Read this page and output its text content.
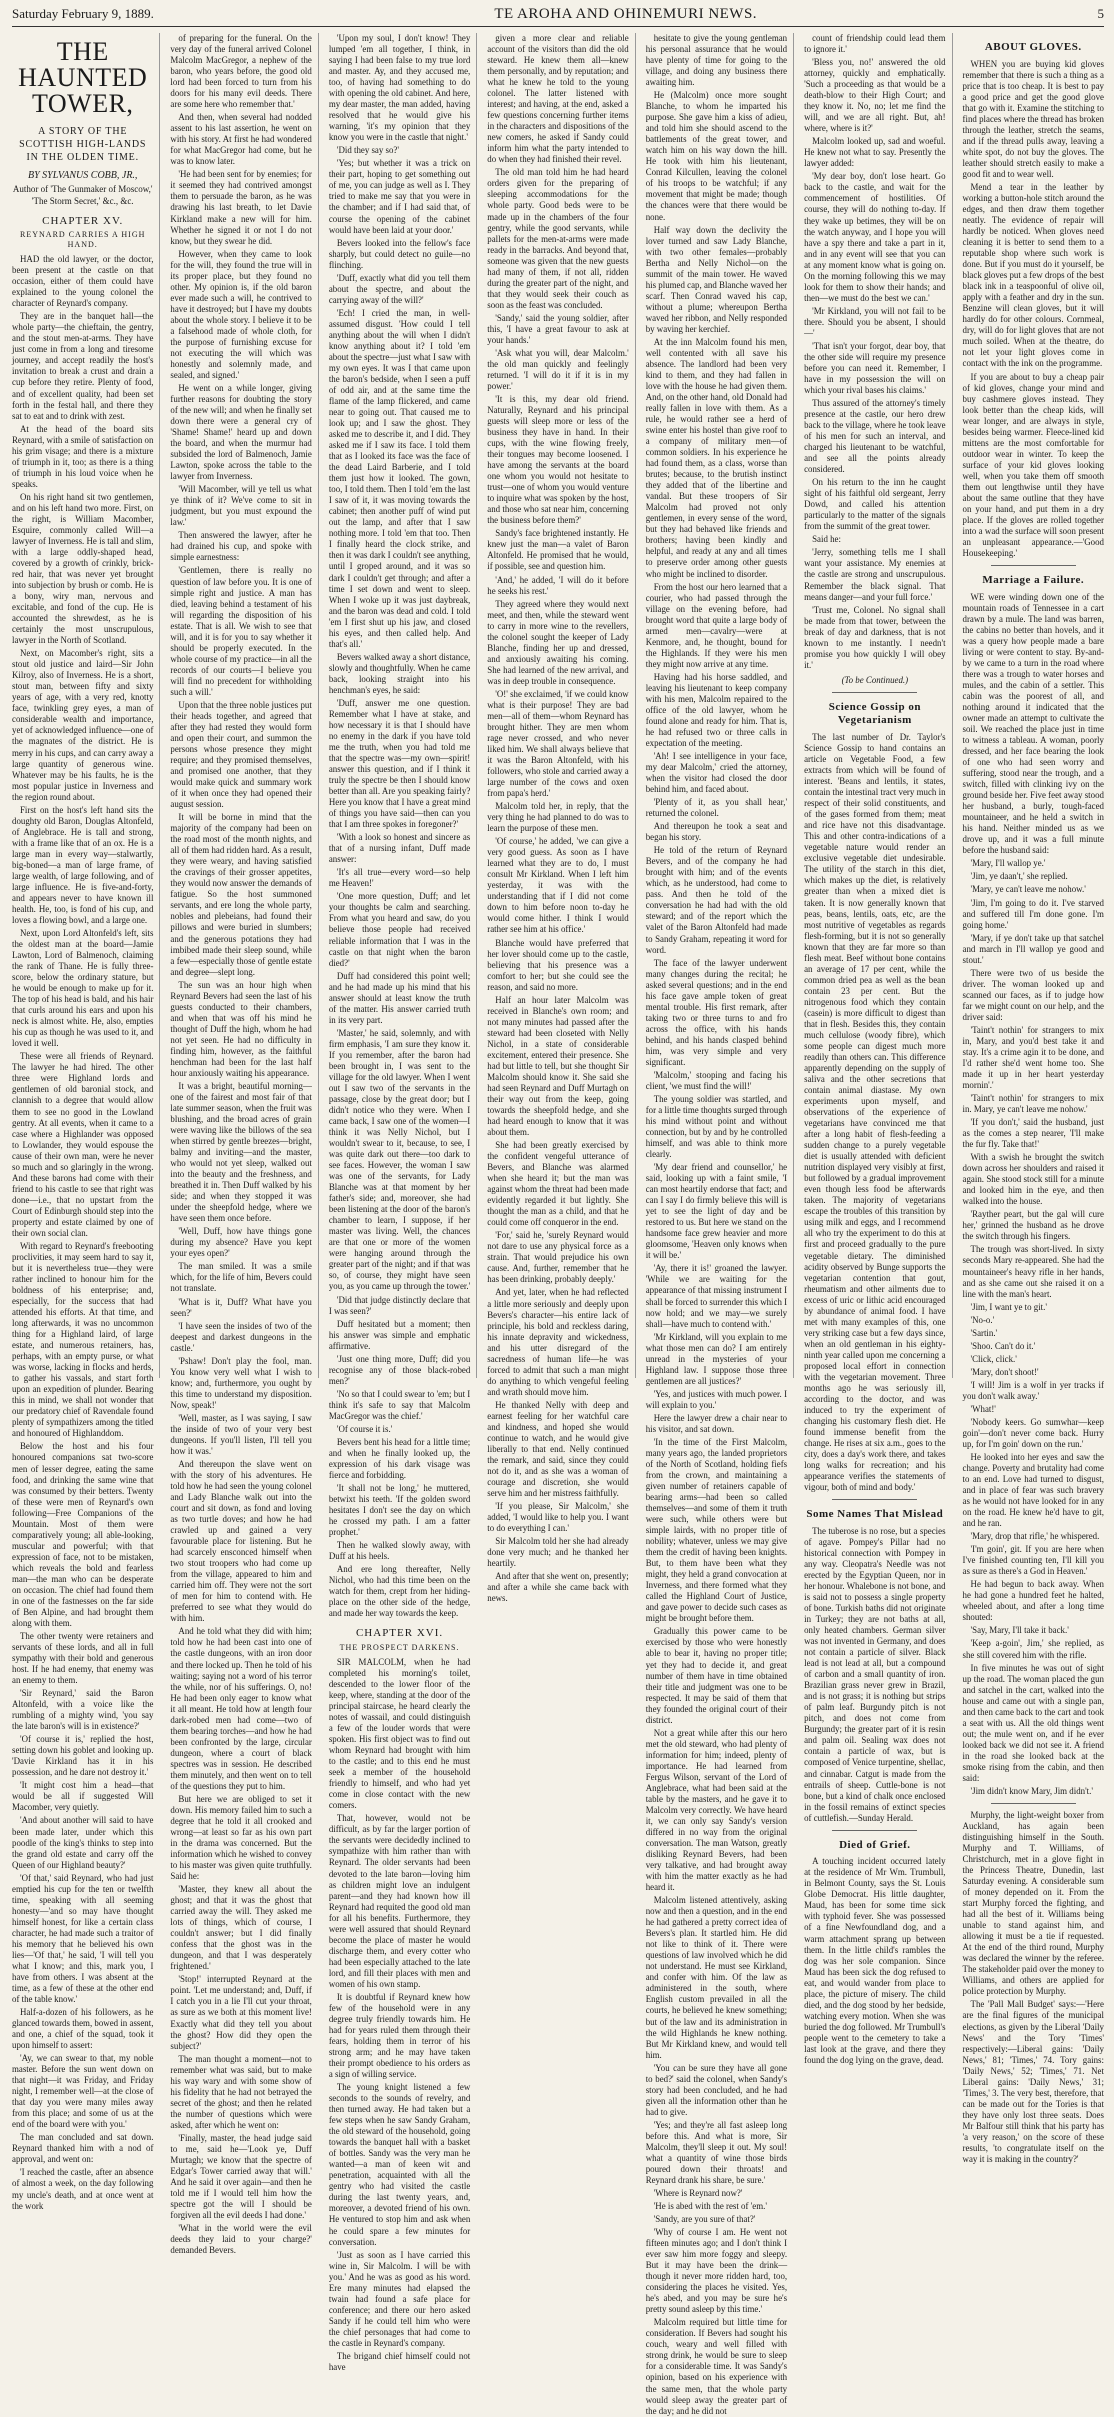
Saturday February 9, 1889.	TE AROHA AND OHINEMURI NEWS.	5
THE HAUNTED TOWER,
A STORY OF THE SCOTTISH HIGH-LANDS IN THE OLDEN TIME.
BY SYLVANUS COBB, JR.,
Author of 'The Gunmaker of Moscow,' 'The Storm Secret,' &c., &c.
CHAPTER XV.
REYNARD CARRIES A HIGH HAND.

HAD the old lawyer, or the doctor, been present at the castle on that occasion, either of them could have explained to the young colonel the character of Reynard's company.

They are in the banquet hall—the whole party—the chieftain, the gentry, and the stout men-at-arms. They have just come in from a long and tiresome journey, and accept readily the host's invitation to break a crust and drain a cup before they retire. Plenty of food, and of excellent quality, had been set forth in the festal hall, and there they sat to eat and to drink with zest.

At the head of the board sits Reynard, with a smile of satisfaction on his grim visage; and there is a mixture of triumph in it, too; as there is a thing of triumph in his loud voice when he speaks.

On his right hand sit two gentlemen, and on his left hand two more. First, on the right, is William Macomber, Esquire, commonly called Will—a lawyer of Inverness. He is tall and slim, with a large oddly-shaped head, covered by a growth of crinkly, brick-red hair, that was never yet brought into subjection by brush or comb. He is a bony, wiry man, nervous and excitable, and fond of the cup. He is accounted the shrewdest, as he is certainly the most unscrupulous, lawyer in the North of Scotland.

Next, on Macomber's right, sits a stout old justice and laird—Sir John Kilroy, also of Inverness. He is a short, stout man, between fifty and sixty years of age, with a very red, knotty face, twinkling grey eyes, a man of considerable wealth and importance, yet of acknowledged influence—one of the magnates of the district. He is merry in his cups, and can carry away a large quantity of generous wine. Whatever may be his faults, he is the most popular justice in Inverness and the region round about.

First on the host's left hand sits the doughty old Baron, Douglas Altonfeld, of Anglebrace. He is tall and strong, with a frame like that of an ox. He is a large man in every way—stalwartly, big-boned—a man of large frame, of large wealth, of large following, and of large influence. He is five-and-forty, and appears never to have known ill health. He, too, is fond of his cup, and loves a flowing bowl, and a large one.

Next, upon Lord Altonfeld's left, sits the oldest man at the board—Jamie Lawton, Lord of Balmenoch, claiming the rank of Thane. He is fully three-score, below the ordinary stature, but he would be enough to make up for it. The top of his head is bald, and his hair that curls around his ears and upon his neck is almost white. He, also, empties his cup as though he was used to it, and loved it well.

These were all friends of Reynard. The lawyer he had hired. The other three were Highland lords and gentlemen of old baronial stock, and clannish to a degree that would allow them to see no good in the Lowland gentry. At all events, when it came to a case where a Highlander was opposed to Lowlander, they would espouse the cause of their own man, were he never so much and so glaringly in the wrong. And these barons had come with their friend to his castle to see that right was done—i.e., that no upstart from the Court of Edinburgh should step into the property and estate claimed by one of their own social clan.

With regard to Reynard's freebooting proclivities, it may seem hard to say it, but it is nevertheless true—they were rather inclined to honour him for the boldness of his enterprise; and, especially, for the success that had attended his efforts. At that time, and long afterwards, it was no uncommon thing for a Highland laird, of large estate, and numerous retainers, has, perhaps, with an empty purse, or what was worse, lacking in flocks and herds, to gather his vassals, and start forth upon an expedition of plunder. Bearing this in mind, we shall not wonder that our predatory chief of Ravendale found plenty of sympathizers among the titled and honoured of Highlanddom.

Below the host and his four honoured companions sat two-score men of lesser degree, eating the same food, and drinking the same wine that was consumed by their betters. Twenty of these were men of Reynard's own following—Free Companions of the Mountain. Most of them were comparatively young; all able-looking, muscular and powerful; with that expression of face, not to be mistaken, which reveals the bold and fearless man—the man who can be desperate on occasion. The chief had found them in one of the fastnesses on the far side of Ben Alpine, and had brought them along with them.

The other twenty were retainers and servants of these lords, and all in full sympathy with their bold and generous host. If he had enemy, that enemy was an enemy to them.

'Sir Reynard,' said the Baron Altonfeld, with a voice like the rumbling of a mighty wind, 'you say the late baron's will is in existence?'

'Of course it is,' replied the host, setting down his goblet and looking up. 'Davie Kirkland has it in his possession, and he dare not destroy it.'

'It might cost him a head—that would be all if suggested Will Macomber, very quietly.

'And about another will said to have been made later, under which this poodle of the king's thinks to step into the grand old estate and carry off the Queen of our Highland beauty?'

'Of that,' said Reynard, who had just emptied his cup for the ten or twelfth time, speaking with all seeming honesty—'and so may have thought himself honest, for like a certain class character, he had made such a traitor of his memory that he believed his own lies—'Of that,' he said, 'I will tell you what I know; and this, mark you, I have from others. I was absent at the time, as a few of these at the other end of the table know.'

Half-a-dozen of his followers, as he glanced towards them, bowed in assent, and one, a chief of the squad, took it upon himself to assert:

'Ay, we can swear to that, my noble master. Before the sun went down on that night—it was Friday, and Friday night, I remember well—at the close of that day you were many miles away from this place; and some of us at the end of the board were with you.'

The man concluded and sat down. Reynard thanked him with a nod of approval, and went on:

'I reached the castle, after an absence of almost a week, on the day following my uncle's death, and at once went at the work

of preparing for the funeral. On the very day of the funeral arrived Colonel Malcolm MacGregor, a nephew of the baron, who years before, the good old lord had been forced to turn from his doors for his many evil deeds. There are some here who remember that.'

And then, when several had nodded assent to his last assertion, he went on with his story. At first he had wondered for what MacGregor had come, but he was to know later.

'He had been sent for by enemies; for it seemed they had contrived amongst them to persuade the baron, as he was drawing his last breath, to let Davie Kirkland make a new will for him. Whether he signed it or not I do not know, but they swear he did.

However, when they came to look for the will, they found the true will in its proper place, but they found no other. My opinion is, if the old baron ever made such a will, he contrived to have it destroyed; but I have my doubts about the whole story. I believe it to be a falsehood made of whole cloth, for the purpose of furnishing excuse for not executing the will which was honestly and solemnly made, and sealed, and signed.'

He went on a while longer, giving further reasons for doubting the story of the new will; and when he finally set down there were a general cry of 'Shame! Shame!' heard up and down the board, and when the murmur had subsided the lord of Balmenoch, Jamie Lawton, spoke across the table to the lawyer from Inverness.

'Will Macomber, will ye tell us what ye think of it? We've come to sit in judgment, but you must expound the law.'

Then answered the lawyer, after he had drained his cup, and spoke with simple earnestness:

'Gentlemen, there is really no question of law before you. It is one of simple right and justice. A man has died, leaving behind a testament of his will regarding the disposition of his estate. That is all. We wish to see that will, and it is for you to say whether it should be properly executed. In the whole course of my practice—in all the records of our courts—I believe you will find no precedent for withholding such a will.'

Upon that the three noble justices put their heads together, and agreed that after they had rested they would form and open their court, and summon the persons whose presence they might require; and they promised themselves, and promised one another, that they would make quick and summary work of it when once they had opened their august session.

It will be borne in mind that the majority of the company had been on the road most of the month nights, and all of them had ridden hard. As a result, they were weary, and having satisfied the cravings of their grosser appetites, they would now answer the demands of fatigue. So the host summoned servants, and ere long the whole party, nobles and plebeians, had found their pillows and were buried in slumbers; and the generous potations they had imbibed made their sleep sound, while a few—especially those of gentle estate and degree—slept long.

The sun was an hour high when Reynard Bevers had seen the last of his guests conducted to their chambers, and when that was off his mind he thought of Duff the high, whom he had not yet seen. He had no difficulty in finding him, however, as the faithful henchman had been for the last half hour anxiously waiting his appearance.

It was a bright, beautiful morning—one of the fairest and most fair of that late summer season, when the fruit was blushing, and the broad acres of grain were waving like the billows of the sea when stirred by gentle breezes—bright, balmy and inviting—and the master, who would not yet sleep, walked out into the beauty and the freshness, and breathed it in. Then Duff walked by his side; and when they stopped it was under the sheepfold hedge, where we have seen them once before.

'Well, Duff, how have things gone during my absence? Have you kept your eyes open?'

The man smiled. It was a smile which, for the life of him, Bevers could not translate.

'What is it, Duff? What have you seen?'

'I have seen the insides of two of the deepest and darkest dungeons in the castle.'

'Pshaw! Don't play the fool, man. You know very well what I wish to know; and, furthermore, you ought by this time to understand my disposition. Now, speak!'

'Well, master, as I was saying, I saw the inside of two of your very best dungeons. If you'll listen, I'll tell you how it was.'

And thereupon the slave went on with the story of his adventures. He told how he had seen the young colonel and Lady Blanche walk out into the court and sit down, as fond and loving as two turtle doves; and how he had crawled up and gained a very favourable place for listening. But he had scarcely ensconced himself when two stout troopers who had come up from the village, appeared to him and carried him off. They were not the sort of men for him to contend with. He preferred to see what they would do with him.

And he told what they did with him; told how he had been cast into one of the castle dungeons, with an iron door and there locked up. Then he told of his waiting; saying not a word of his terror the while, nor of his sufferings. O, no! He had been only eager to know what it all meant. He told how at length four dark-robed men had come—two of them bearing torches—and how he had been confronted by the large, circular dungeon, where a court of black spectres was in session. He described them minutely, and then went on to tell of the questions they put to him.

But here we are obliged to set it down. His memory failed him to such a degree that he told it all crooked and wrong—at least so far as his own part in the drama was concerned. But the information which he wished to convey to his master was given quite truthfully. Said he:

'Master, they knew all about the ghost; and that it was the ghost that carried away the will. They asked me lots of things, which of course, I couldn't answer; but I did finally confess that the ghost was in the dungeon, and that I was desperately frightened.'

'Stop!' interrupted Reynard at the point. 'Let me understand; and, Duff, if I catch you in a lie I'll cut your throat, as sure as we both at this moment live! Exactly what did they tell you about the ghost? How did they open the subject?'

The man thought a moment—not to remember what was said, but to make his way wary and with some show of his fidelity that he had not betrayed the secret of the ghost; and then he related the number of questions which were asked, after which he went on:

'Finally, master, the head judge said to me, said he—'Look ye, Duff Murtagh; we know that the spectre of Edgar's Tower carried away that will.' And he said it over again—and then he told me if I would tell him how the spectre got the will I should be forgiven all the evil deeds I had done.'

'What in the world were the evil deeds they laid to your charge?' demanded Bevers.

'Upon my soul, I don't know! They lumped 'em all together, I think, in saying I had been false to my true lord and master. Ay, and they accused me, too, of having had something to do with opening the old cabinet. And here, my dear master, the man added, having resolved that he would give his warning, 'it's my opinion that they know you were in the castle that night.'

'Did they say so?'

'Yes; but whether it was a trick on their part, hoping to get something out of me, you can judge as well as I. They tried to make me say that you were in the chamber; and if I had said that, of course the opening of the cabinet would have been laid at your door.'

Bevers looked into the fellow's face sharply, but could detect no guile—no flinching.

'Duff, exactly what did you tell them about the spectre, and about the carrying away of the will?'

'Ech! I cried the man, in well-assumed disgust. 'How could I tell anything about the will when I didn't know anything about it? I told 'em about the spectre—just what I saw with my own eyes. It was I that came upon the baron's bedside, when I seen a puff of odd air, and at the same time the flame of the lamp flickered, and came near to going out. That caused me to look up; and I saw the ghost. They asked me to describe it, and I did. They asked me if I saw its face. I told them that as I looked its face was the face of the dead Laird Barberie, and I told them just how it looked. The gown, too, I told them. Then I told 'em the last I saw of it, it was moving towards the cabinet; then another puff of wind put out the lamp, and after that I saw nothing more. I told 'em that too. Then I finally heard the clock strike, and then it was dark I couldn't see anything, until I groped around, and it was so dark I couldn't get through; and after a time I set down and went to sleep. When I woke up it was just daybreak, and the baron was dead and cold. I told 'em I first shut up his jaw, and closed his eyes, and then called help. And that's all.'

Bevers walked away a short distance, slowly and thoughtfully. When he came back, looking straight into his henchman's eyes, he said:

'Duff, answer me one question. Remember what I have at stake, and how necessary it is that I should have no enemy in the dark if you have told me the truth, when you had told me that the spectre was—my own—spirit! answer this question, and if I think it truly the spectre be then I should know better than all. Are you speaking fairly? Here you know that I have a great mind of things you have said—then can you that I am three spokes in foregoner?'

'With a look so honest and sincere as that of a nursing infant, Duff made answer:

'It's all true—every word—so help me Heaven!'

'One more question, Duff; and let your thoughts be calm and searching. From what you heard and saw, do you believe those people had received reliable information that I was in the castle on that night when the baron died?'

Duff had considered this point well; and he had made up his mind that his answer should at least know the truth of the matter. His answer carried truth in its very part.

'Master,' he said, solemnly, and with firm emphasis, 'I am sure they know it. If you remember, after the baron had been brought in, I was sent to the village for the old lawyer. When I went out I saw two of the servants in the passage, close by the great door; but I didn't notice who they were. When I came back, I saw one of the women—I think it was Nelly Nichol, but I wouldn't swear to it, because, to see, I was quite dark out there—too dark to see faces. However, the woman I saw was one of the servants, for Lady Blanche was at that moment by her father's side; and, moreover, she had been listening at the door of the baron's chamber to learn, I suppose, if her master was living. Well, the chances are that one or more of the women were hanging around through the greater part of the night; and if that was so, of course, they might have seen you, as you came up through the tower.'

'Did that judge distinctly declare that I was seen?'

Duff hesitated but a moment; then his answer was simple and emphatic affirmative.

'Just one thing more, Duff; did you recognise any of those black-robed men?'

'No so that I could swear to 'em; but I think it's safe to say that Malcolm MacGregor was the chief.'

'Of course it is.'

Bevers bent his head for a little time; and when he finally looked up, the expression of his dark visage was fierce and forbidding.

'It shall not be long,' he muttered, betwixt his teeth. 'If the golden sword hesitates I don't see the day on which he crossed my path. I am a fatter prophet.'

Then he walked slowly away, with Duff at his heels.

And ere long thereafter, Nelly Nichol, who had this time been on the watch for them, crept from her hiding-place on the other side of the hedge, and made her way towards the keep.

CHAPTER XVI.
THE PROSPECT DARKENS.

SIR MALCOLM, when he had completed his morning's toilet, descended to the lower floor of the keep, where, standing at the door of the principal staircase, he heard clearly the notes of wassail, and could distinguish a few of the louder words that were spoken. His first object was to find out whom Reynard had brought with him to the castle; and to this end he must seek a member of the household friendly to himself, and who had yet come in close contact with the new comers.

That, however, would not be difficult, as by far the larger portion of the servants were decidedly inclined to sympathize with him rather than with Reynard. The older servants had been devoted to the late baron—loving him as children might love an indulgent parent—and they had known how ill Reynard had requited the good old man for all his benefits. Furthermore, they were well assured that should Reynard become the place of master he would discharge them, and every cotter who had been especially attached to the late lord, and fill their places with men and women of his own stamp.

It is doubtful if Reynard knew how few of the household were in any degree truly friendly towards him. He had for years ruled them through their fears, holding them in terror of his strong arm; and he may have taken their prompt obedience to his orders as a sign of willing service.

The young knight listened a few seconds to the sounds of revelry, and then turned away. He had taken but a few steps when he saw Sandy Graham, the old steward of the household, going towards the banquet hall with a basket of bottles. Sandy was the very man he wanted—a man of keen wit and penetration, acquainted with all the gentry who had visited the castle during the last twenty years, and, moreover, a devoted friend of his own. He ventured to stop him and ask when he could spare a few minutes for conversation.

'Just as soon as I have carried this wine in, Sir Malcolm. I will be with you.' And he was as good as his word. Ere many minutes had elapsed the twain had found a safe place for conference; and there our hero asked Sandy if he could tell him who were the chief personages that had come to the castle in Reynard's company.

The brigand chief himself could not have

given a more clear and reliable account of the visitors than did the old steward. He knew them all—knew them personally, and by reputation; and what he knew he told to the young colonel. The latter listened with interest; and having, at the end, asked a few questions concerning further items in the characters and dispositions of the new comers, he asked if Sandy could inform him what the party intended to do when they had finished their revel.

The old man told him he had heard orders given for the preparing of sleeping accommodations for the whole party. Good beds were to be made up in the chambers of the four gentry, while the good servants, while pallets for the men-at-arms were made ready in the barracks. And beyond that, someone was given that the new guests had many of them, if not all, ridden during the greater part of the night, and that they would seek their couch as soon as the feast was concluded.

'Sandy,' said the young soldier, after this, 'I have a great favour to ask at your hands.'

'Ask what you will, dear Malcolm.' the old man quickly and feelingly returned. 'I will do it if it is in my power.'

'It is this, my dear old friend. Naturally, Reynard and his principal guests will sleep more or less of the business they have in hand. In their cups, with the wine flowing freely, their tongues may become loosened. I have among the servants at the board one whom you would not hesitate to trust—one of whom you would venture to inquire what was spoken by the host, and those who sat near him, concerning the business before them?'

Sandy's face brightened instantly. He knew just the man—a valet of Baron Altonfeld. He promised that he would, if possible, see and question him.

'And,' he added, 'I will do it before he seeks his rest.'

They agreed where they would next meet, and then, while the steward went to carry in more wine to the revellers, the colonel sought the keeper of Lady Blanche, finding her up and dressed, and anxiously awaiting his coming. She had learned of the new arrival, and was in deep trouble in consequence.

'O!' she exclaimed, 'if we could know what is their purpose! They are bad men—all of them—whom Reynard has brought hither. They are men whom rage never crossed, and who never liked him. We shall always believe that it was the Baron Altonfeld, with his followers, who stole and carried away a large number of the cows and oxen from papa's herd.'

Malcolm told her, in reply, that the very thing he had planned to do was to learn the purpose of these men.

'Of course,' he added, 'we can give a very good guess. As soon as I have learned what they are to do, I must consult Mr Kirkland. When I left him yesterday, it was with the understanding that if I did not come down to him before noon to-day he would come hither. I think I would rather see him at his office.'

Blanche would have preferred that her lover should come up to the castle, believing that his presence was a comfort to her; but she could see the reason, and said no more.

Half an hour later Malcolm was received in Blanche's own room; and not many minutes had passed after the steward had been closeted with Nelly Nichol, in a state of considerable excitement, entered their presence. She had but little to tell, but she thought Sir Malcolm should know it. She said she had seen Reynard and Duff Murtagh on their way out from the keep, going towards the sheepfold hedge, and she had heard enough to know that it was about them.

She had been greatly exercised by the confident vengeful utterance of Bevers, and Blanche was alarmed when she heard it; but the man was against whom the threat had been made evidently regarded it but lightly. She thought the man as a child, and that he could come off conqueror in the end.

'For,' said he, 'surely Reynard would not dare to use any physical force as a strain. That would prejudice his own cause. And, further, remember that he has been drinking, probably deeply.'

And yet, later, when he had reflected a little more seriously and deeply upon Bevers's character—his entire lack of principle, his bold and reckless daring, his innate depravity and wickedness, and his utter disregard of the sacredness of human life—he was forced to admit that such a man might do anything to which vengeful feeling and wrath should move him.

He thanked Nelly with deep and earnest feeling for her watchful care and kindness, and hoped she would continue to watch, and he would give liberally to that end. Nelly continued the remark, and said, since they could not do it, and as she was a woman of courage and discretion, she would serve him and her mistress faithfully.

'If you please, Sir Malcolm,' she added, 'I would like to help you. I want to do everything I can.'

Sir Malcolm told her she had already done very much; and he thanked her heartily.

And after that she went on, presently; and after a while she came back with news.

hesitate to give the young gentleman his personal assurance that he would have plenty of time for going to the village, and doing any business there awaiting him.

He (Malcolm) once more sought Blanche, to whom he imparted his purpose. She gave him a kiss of adieu, and told him she should ascend to the battlements of the great tower, and watch him on his way down the hill. He took with him his lieutenant, Conrad Kilcullen, leaving the colonel of his troops to be watchful; if any movement that might be made; though the chances were that there would be none.

Half way down the declivity the lover turned and saw Lady Blanche, with two other females—probably Bertha and Nelly Nichol—on the summit of the main tower. He waved his plumed cap, and Blanche waved her scarf. Then Conrad waved his cap, without a plume; whereupon Bertha waved her ribbon, and Nelly responded by waving her kerchief.

At the inn Malcolm found his men, well contented with all save his absence. The landlord had been very kind to them, and they had fallen in love with the house he had given them. And, on the other hand, old Donald had really fallen in love with them. As a rule, he would rather see a herd of swine enter his hostel than give roof to a company of military men—of common soldiers. In his experience he had found them, as a class, worse than brutes; because, to the brutish instinct they added that of the libertine and vandal. But these troopers of Sir Malcolm had proved not only gentlemen, in every sense of the word, but they had behaved like friends and brothers; having been kindly and helpful, and ready at any and all times to preserve order among other guests who might be inclined to disorder.

From the host our hero learned that a courier, who had passed through the village on the evening before, had brought word that quite a large body of armed men—cavalry—were at Kenmore, and, he thought, bound for the Highlands. If they were his men they might now arrive at any time.

Having had his horse saddled, and leaving his lieutenant to keep company with his men, Malcolm repaired to the office of the old lawyer, whom he found alone and ready for him. That is, he had refused two or three calls in expectation of the meeting.

'Ah! I see intelligence in your face, my dear Malcolm,' cried the attorney, when the visitor had closed the door behind him, and faced about.

'Plenty of it, as you shall hear,' returned the colonel.

And thereupon he took a seat and began his story.

He told of the return of Reynard Bevers, and of the company he had brought with him; and of the events which, as he understood, had come to pass. And then he told of the conversation he had had with the old steward; and of the report which the valet of the Baron Altonfeld had made to Sandy Graham, repeating it word for word.

The face of the lawyer underwent many changes during the recital; he asked several questions; and in the end his face gave ample token of great mental trouble. His first remark, after taking two or three turns to and fro across the office, with his hands behind, and his hands clasped behind him, was very simple and very significant.

'Malcolm,' stooping and facing his client, 'we must find the will!'

The young soldier was startled, and for a little time thoughts surged through his mind without point and without connection, but by and by he controlled himself, and was able to think more clearly.

'My dear friend and counsellor,' he said, looking up with a faint smile, 'I can most heartily endorse that fact; and can I say I do firmly believe this will is yet to see the light of day and be restored to us. But here we stand on the handsome face grew heavier and more gloomsome, 'Heaven only knows when it will be.'

'Ay, there it is!' groaned the lawyer. 'While we are waiting for the appearance of that missing instrument I shall be forced to surrender this which I now hold; and we may—we surely shall—have much to contend with.'

'Mr Kirkland, will you explain to me what those men can do? I am entirely unread in the mysteries of your Highland law. I suppose those three gentlemen are all justices?'

'Yes, and justices with much power. I will explain to you.'

Here the lawyer drew a chair near to his visitor, and sat down.

'In the time of the First Malcolm, many years ago, the landed proprietors of the North of Scotland, holding fiefs from the crown, and maintaining a given number of retainers capable of bearing arms—had been so called themselves—and some of them it truth were such, while others were but simple lairds, with no proper title of nobility; whatever, unless we may give them the credit of having been knights. But, to them have been what they might, they held a grand convocation at Inverness, and there formed what they called the Highland Court of Justice, and gave power to decide such cases as might be brought before them.

Gradually this power came to be exercised by those who were honestly able to bear it, having no proper title; yet they had to decide it, and great number of them have in time obtained their title and judgment was one to be respected. It may be said of them that they founded the original court of their district.

Not a great while after this our hero met the old steward, who had plenty of information for him; indeed, plenty of importance. He had learned from Fergus Wilson, servant of the Lord of Anglebrace, what had been said at the table by the masters, and he gave it to Malcolm very correctly. We have heard it, we can only say Sandy's version differed in no way from the original conversation. The man Watson, greatly disliking Reynard Bevers, had been very talkative, and had brought away with him the matter exactly as he had heard it.

Malcolm listened attentively, asking now and then a question, and in the end he had gathered a pretty correct idea of Bevers's plan. It startled him. He did not like to think of it. There were questions of law involved which he did not understand. He must see Kirkland, and confer with him. Of the law as administered in the south, where English custom prevailed in all the courts, he believed he knew something; but of the law and its administration in the wild Highlands he knew nothing. But Mr Kirkland knew, and would tell him.

'You can be sure they have all gone to bed?' said the colonel, when Sandy's story had been concluded, and he had given all the information other than he had to give.

'Yes; and they're all fast asleep long before this. And what is more, Sir Malcolm, they'll sleep it out. My soul! what a quantity of wine those birds poured down their throats! and Reynard drank his share, be sure.'

'Where is Reynard now?'

'He is abed with the rest of 'em.'

'Sandy, are you sure of that?'

'Why of course I am. He went not fifteen minutes ago; and I don't think I ever saw him more foggy and sleepy. But it may have been the drink—though it never more ridden hard, too, considering the places he visited. Yes, he's abed, and you may be sure he's pretty sound asleep by this time.'

Malcolm required but little time for consideration. If Bevers had sought his couch, weary and well filled with strong drink, he would be sure to sleep for a considerable time. It was Sandy's opinion, based on his experience with the same men, that the whole party would sleep away the greater part of the day; and he did not

count of friendship could lead them to ignore it.'

'Bless you, no!' answered the old attorney, quickly and emphatically. 'Such a proceeding as that would be a death-blow to their High Court; and they know it. No, no; let me find the will, and we are all right. But, ah! where, where is it?'

Malcolm looked up, sad and woeful. He knew not what to say. Presently the lawyer added:

'My dear boy, don't lose heart. Go back to the castle, and wait for the commencement of hostilities. Of course, they will do nothing to-day. If they wake up betimes, they will be on the watch anyway, and I hope you will have a spy there and take a part in it, and in any event will see that you can at any moment know what is going on. On the morning following this we may look for them to show their hands; and then—we must do the best we can.'

'Mr Kirkland, you will not fail to be there. Should you be absent, I should—'

'That isn't your forgot, dear boy, that the other side will require my presence before you can need it. Remember, I have in my possession the will on which your rival bases his claims.'

Thus assured of the attorney's timely presence at the castle, our hero drew back to the village, where he took leave of his men for such an interval, and charged his lieutenant to be watchful, and see all the points already considered.

On his return to the inn he caught sight of his faithful old sergeant, Jerry Dowd, and called his attention particularly to the matter of the signals from the summit of the great tower.

Said he:

'Jerry, something tells me I shall want your assistance. My enemies at the castle are strong and unscrupulous. Remember the black signal. That means danger—and your full force.'

'Trust me, Colonel. No signal shall be made from that tower, between the break of day and darkness, that is not known to me instantly. I needn't promise you how quickly I will obey it.'

(To be Continued.)
Science Gossip on Vegetarianism

The last number of Dr. Taylor's Science Gossip to hand contains an article on Vegetable Food, a few extracts from which will be found of interest. 'Beans and lentils, it states, contain the intestinal tract very much in respect of their solid constituents, and of the gases formed from them; meat and rice have not this disadvantage. This and other contra-indications of a vegetable nature would render an exclusive vegetable diet undesirable. The utility of the starch in this diet, which makes up the diet, is relatively greater than when a mixed diet is taken. It is now generally known that peas, beans, lentils, oats, etc, are the most nutritive of vegetables as regards flesh-forming, but it is not so generally known that they are far more so than flesh meat. Beef without bone contains an average of 17 per cent, while the common dried pea as well as the bean contain 23 per cent. But the nitrogenous food which they contain (casein) is more difficult to digest than that in flesh. Besides this, they contain much cellulose (woody fibre), which some people can digest much more readily than others can. This difference apparently depending on the supply of saliva and the other secretions that contain animal diastase. My own experiments upon myself, and observations of the experience of vegetarians have convinced me that after a long habit of flesh-feeding a sudden change to a purely vegetable diet is usually attended with deficient nutrition displayed very visibly at first, but followed by a gradual improvement even though less food be afterwards taken. The majority of vegetarians escape the troubles of this transition by using milk and eggs, and I recommend all who try the experiment to do this at first and proceed gradually to the pure vegetable dietary. The diminished acidity observed by Bunge supports the vegetarian contention that gout, rheumatism and other ailments due to excess of uric or lithic acid encouraged by abundance of animal food. I have met with many examples of this, one very striking case but a few days since, when an old gentleman in his eighty-ninth year called upon me concerning a proposed local effort in connection with the vegetarian movement. Three months ago he was seriously ill, according to the doctor, and was induced to try the experiment of changing his customary flesh diet. He found immense benefit from the change. He rises at six a.m., goes to the city, does a day's work there, and takes long walks for recreation; and his appearance verifies the statements of vigour, both of mind and body.'

Some Names That Mislead

The tuberose is no rose, but a species of agave. Pompey's Pillar had no historical connection with Pompey in any way. Cleopatra's Needle was not erected by the Egyptian Queen, nor in her honour. Whalebone is not bone, and is said not to possess a single property of bone. Turkish baths did not originate in Turkey; they are not baths at all, only heated chambers. German silver was not invented in Germany, and does not contain a particle of silver. Black lead is not lead at all, but a compound of carbon and a small quantity of iron. Brazilian grass never grew in Brazil, and is not grass; it is nothing but strips of palm leaf. Burgundy pitch is not pitch, and does not come from Burgundy; the greater part of it is resin and palm oil. Sealing wax does not contain a particle of wax, but is composed of Venice turpentine, shellac, and cinnabar. Catgut is made from the entrails of sheep. Cuttle-bone is not bone, but a kind of chalk once enclosed in the fossil remains of extinct species of cuttlefish.—Sunday Herald.

Died of Grief.

A touching incident occurred lately at the residence of Mr Wm. Trumbull, in Belmont County, says the St. Louis Globe Democrat. His little daughter, Maud, has been for some time sick with typhoid fever. She was possessed of a fine Newfoundland dog, and a warm attachment sprang up between them. In the little child's rambles the dog was her sole companion. Since Maud has been sick the dog refused to eat, and would wander from place to place, the picture of misery. The child died, and the dog stood by her bedside, watching every motion. When she was buried the dog followed. Mr Trumbull's people went to the cemetery to take a last look at the grave, and there they found the dog lying on the grave, dead.

ABOUT GLOVES.

WHEN you are buying kid gloves remember that there is such a thing as a price that is too cheap. It is best to pay a good price and get the good glove that go with it. Examine the stitching to find places where the thread has broken through the leather, stretch the seams, and if the thread pulls away, leaving a white spot, do not buy the gloves. The leather should stretch easily to make a good fit and to wear well.

Mend a tear in the leather by working a button-hole stitch around the edges, and then draw them together neatly. The evidence of repair will hardly be noticed. When gloves need cleaning it is better to send them to a reputable shop where such work is done. But if you must do it yourself, be black gloves put a few drops of the best black ink in a teaspoonful of olive oil, apply with a feather and dry in the sun. Benzine will clean gloves, but it will hardly do for other colours. Cornmeal, dry, will do for light gloves that are not much soiled. When at the theatre, do not let your light gloves come in contact with the ink on the programme.

If you are about to buy a cheap pair of kid gloves, change your mind and buy cashmere gloves instead. They look better than the cheap kids, will wear longer, and are always in style, besides being warmer. Fleece-lined kid mittens are the most comfortable for outdoor wear in winter. To keep the surface of your kid gloves looking well, when you take them off smooth them out lengthwise until they have about the same outline that they have on your hand, and put them in a dry place. If the gloves are rolled together into a wad the surface will soon present an unpleasant appearance.—'Good Housekeeping.'

Marriage a Failure.

WE were winding down one of the mountain roads of Tennessee in a cart drawn by a mule. The land was barren, the cabins no better than hovels, and it was a query how people made a bare living or were content to stay. By-and-by we came to a turn in the road where there was a trough to water horses and mules, and the cabin of a settler. This cabin was the poorest of all, and nothing around it indicated that the owner made an attempt to cultivate the soil. We reached the place just in time to witness a tableau. A woman, poorly dressed, and her face bearing the look of one who had seen worry and suffering, stood near the trough, and a switch, filled with clinking ivy on the ground beside her. Five feet away stood her husband, a burly, tough-faced mountaineer, and he held a switch in his hand. Neither minded us as we drove up, and it was a full minute before the husband said:

'Mary, I'll wallop ye.'

'Jim, ye daan't,' she replied.

'Mary, ye can't leave me nohow.'

'Jim, I'm going to do it. I've starved and suffered till I'm done gone. I'm going home.'

'Mary, if ye don't take up that satchel and march in I'll wallop ye good and stout.'

There were two of us beside the driver. The woman looked up and scanned our faces, as if to judge how far we might count on our help, and the driver said:

'Taint't nothin' for strangers to mix in, Mary, and you'd best take it and stay. It's a crime agin it to be done, and I'd rather she'd went home too. She made it up in her heart yesterday mornin'.'

'Taint't nothin' for strangers to mix in. Mary, ye can't leave me nohow.'

'If you don't,' said the husband, just as the comes a step nearer, 'I'll make the fur fly. Take that!'

With a swish he brought the switch down across her shoulders and raised it again. She stood stock still for a minute and looked him in the eye, and then walked into the house.

'Rayther peart, but the gal will cure her,' grinned the husband as he drove the switch through his fingers.

The trough was short-lived. In sixty seconds Mary re-appeared. She had the mountaineer's heavy rifle in her hands, and as she came out she raised it on a line with the man's heart.

'Jim, I want ye to git.'

'No-o.'

'Sartin.'

'Shoo. Can't do it.'

'Click, click.'

'Mary, don't shoot!'

'I will! Jim is a wolf in yer tracks if you don't walk away.'

'What!'

'Nobody keers. Go sumwhar—keep goin'—don't never come back. Hurry up, for I'm goin' down on the run.'

He looked into her eyes and saw the change. Poverty and brutality had come to an end. Love had turned to disgust, and in place of fear was such bravery as he would not have looked for in any on the road. He knew he'd have to git, and he ran.

'Mary, drop that rifle,' he whispered.

'I'm goin', git. If you are here when I've finished counting ten, I'll kill you as sure as there's a God in Heaven.'

He had begun to back away. When he had gone a hundred feet he halted, wheeled about, and after a long time shouted:

'Say, Mary, I'll take it back.'

'Keep a-goin', Jim,' she replied, as she still covered him with the rifle.

In five minutes he was out of sight up the road. The woman placed the gun and satchel in the cart, walked into the house and came out with a single pan, and then came back to the cart and took a seat with us. All the old things went out; the mule went on, and if he ever looked back we did not see it. A friend in the road she looked back at the smoke rising from the cabin, and then said:

'Jim didn't know Mary, Jim didn't.'

Murphy, the light-weight boxer from Auckland, has again been distinguishing himself in the South. Murphy and T. Williams, of Christchurch, met in a glove fight in the Princess Theatre, Dunedin, last Saturday evening. A considerable sum of money depended on it. From the start Murphy forced the fighting, and had all the best of it. Williams being unable to stand against him, and allowing it must be a tie if requested. At the end of the third round, Murphy was declared the winner by the referee. The stakeholder paid over the money to Williams, and others are applied for police protection by Murphy.

The 'Pall Mall Budget' says:—'Here are the final figures of the municipal elections, as given by the Liberal 'Daily News' and the Tory 'Times' respectively:—Liberal gains: 'Daily News,' 81; 'Times,' 74. Tory gains: 'Daily News,' 52; 'Times,' 71. Net Liberal gains: 'Daily News,' 31; 'Times,' 3. The very best, therefore, that can be made out for the Tories is that they have only lost three seats. Does Mr Balfour still think that his party has 'a very reason,' on the score of these results, 'to congratulate itself on the way it is making in the country?'
